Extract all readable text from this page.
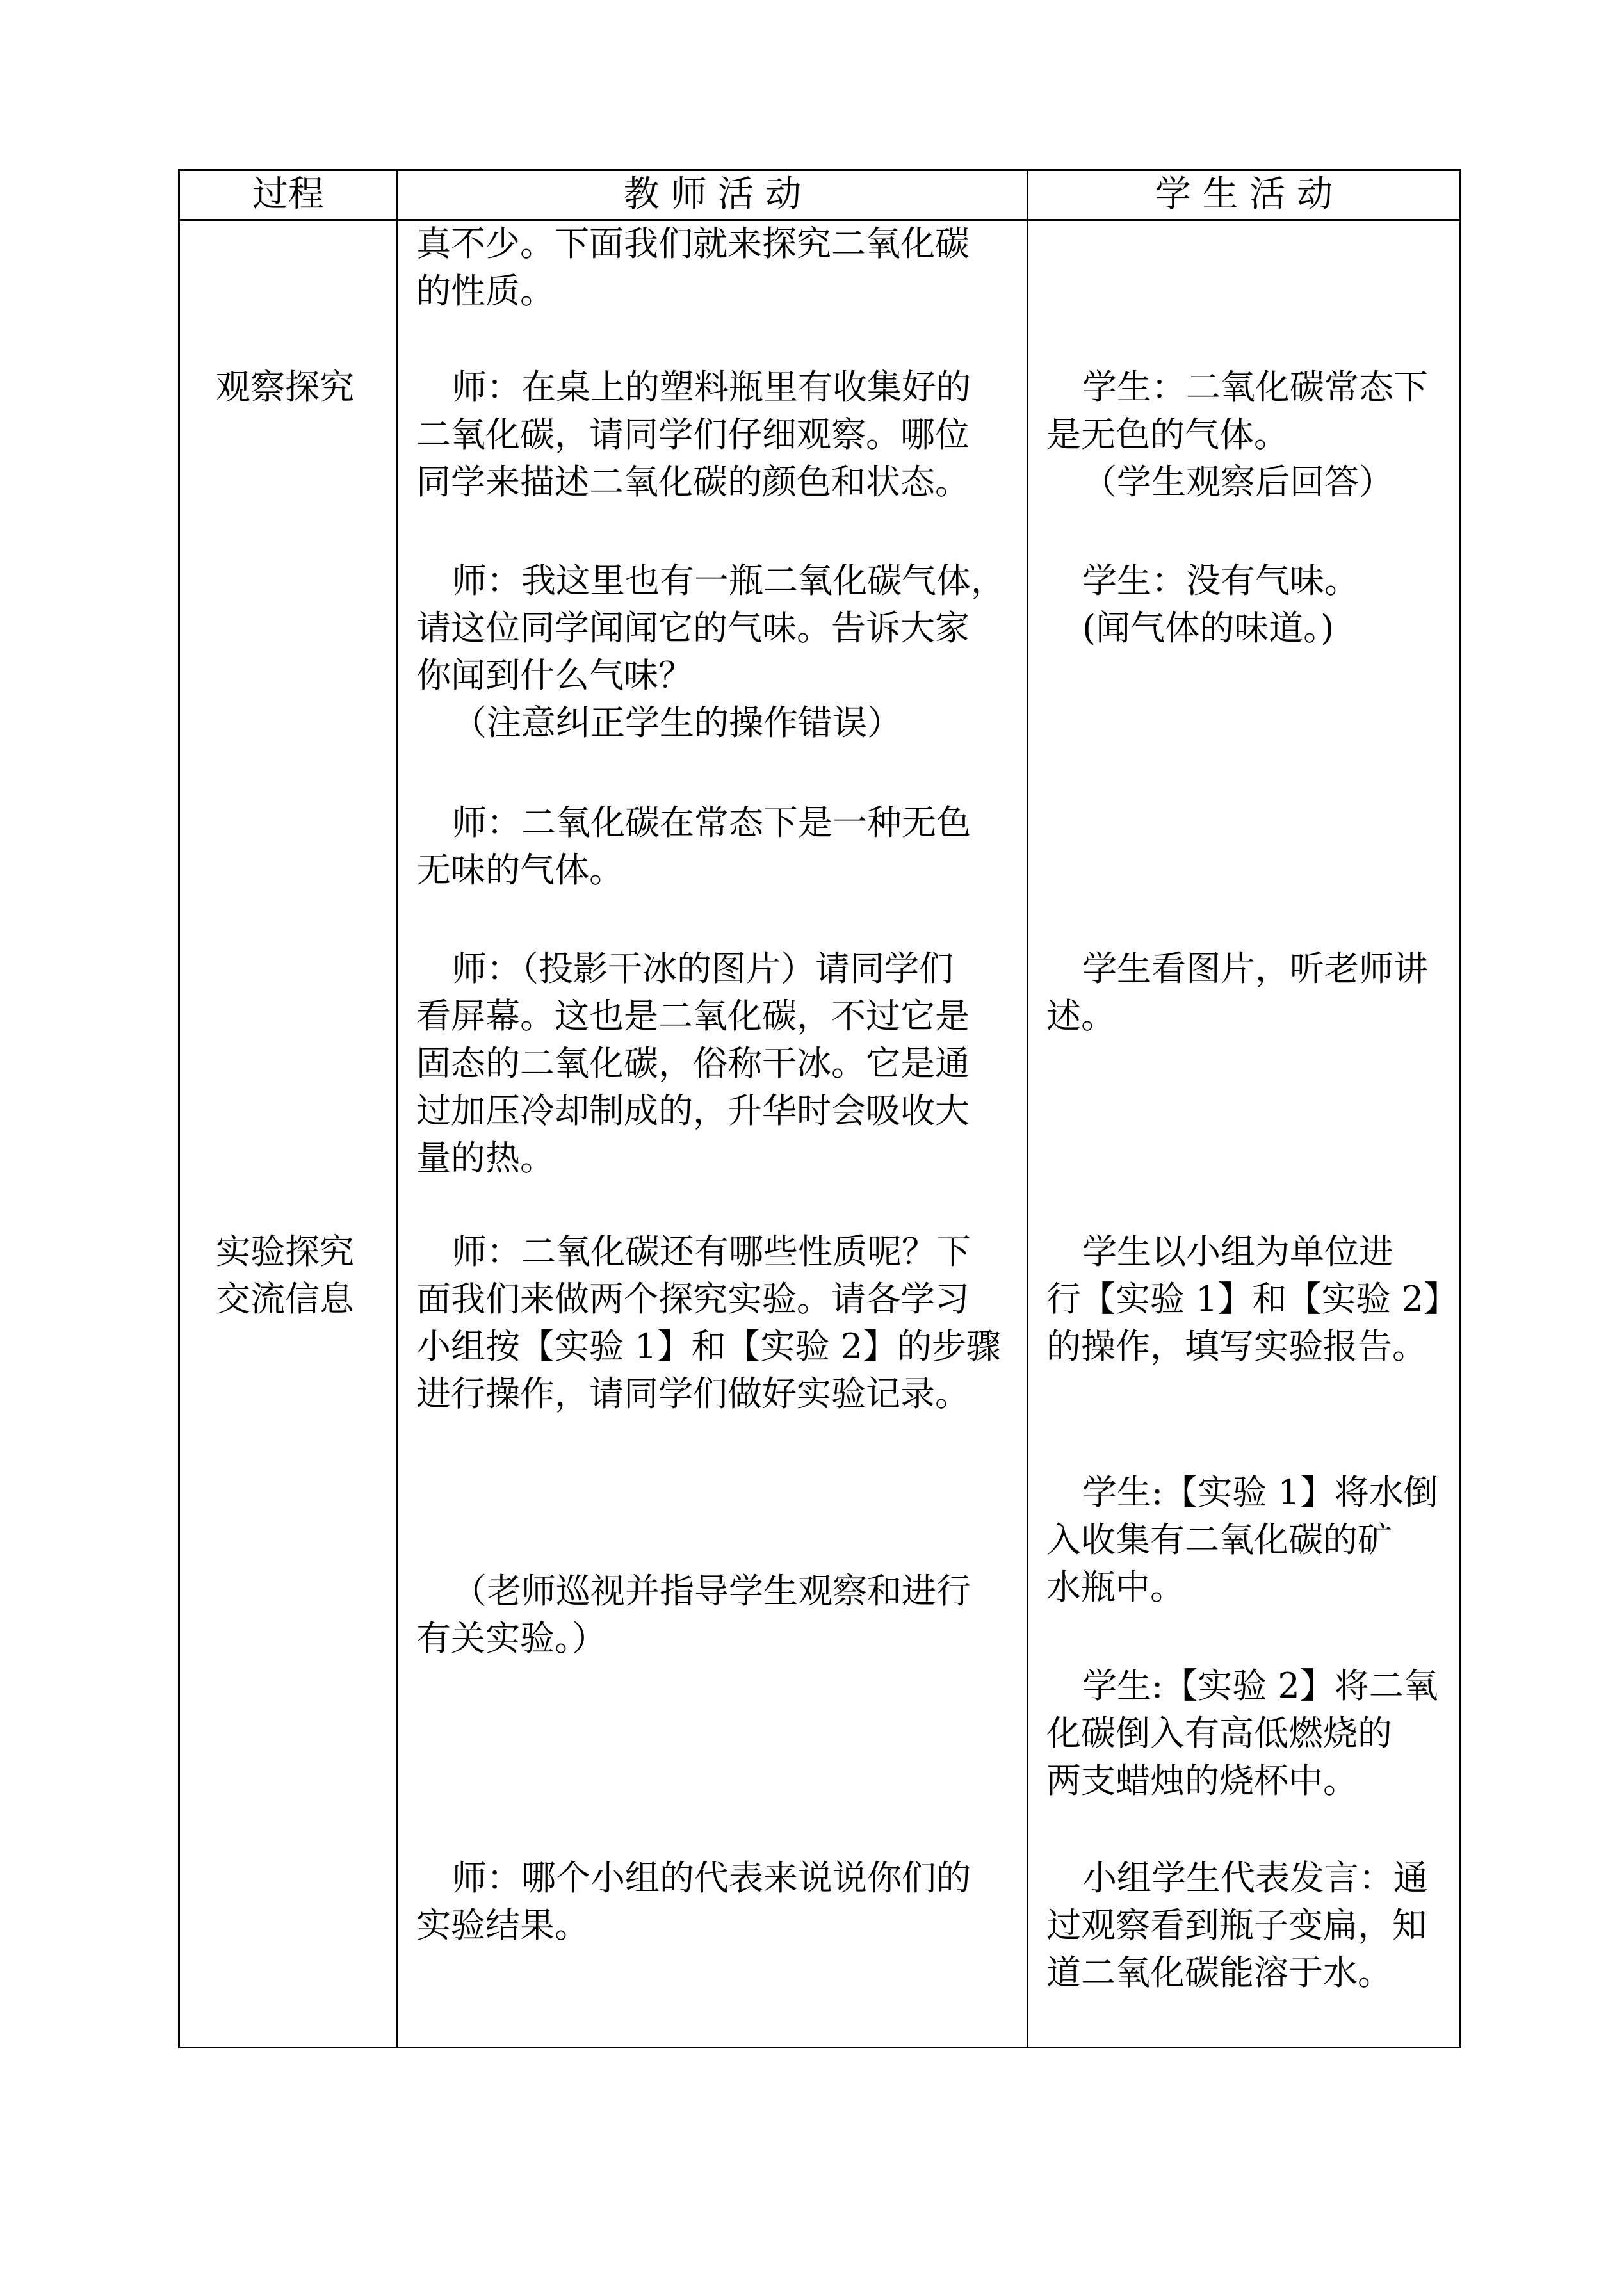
过程	教 师 活 动	学 生 活 动
观察探究
实验探究
交流信息
真不少。下面我们就来探究二氧化碳
的性质。
师：在桌上的塑料瓶里有收集好的
二氧化碳，请同学们仔细观察。哪位
同学来描述二氧化碳的颜色和状态。
师：我这里也有一瓶二氧化碳气体，
请这位同学闻闻它的气味。告诉大家
你闻到什么气味？
（注意纠正学生的操作错误）
师：二氧化碳在常态下是一种无色
无味的气体。
师：（投影干冰的图片）请同学们
看屏幕。这也是二氧化碳，不过它是
固态的二氧化碳，俗称干冰。它是通
过加压冷却制成的，升华时会吸收大
量的热。
师：二氧化碳还有哪些性质呢？下
面我们来做两个探究实验。请各学习
小组按【实验 1】和【实验 2】的步骤
进行操作，请同学们做好实验记录。
（老师巡视并指导学生观察和进行
有关实验。）
师：哪个小组的代表来说说你们的
实验结果。
学生：二氧化碳常态下
是无色的气体。
（学生观察后回答）
学生：没有气味。
(闻气体的味道。)
学生看图片，听老师讲
述。
学生以小组为单位进
行【实验 1】和【实验 2】
的操作，填写实验报告。
学生:【实验 1】将水倒
入收集有二氧化碳的矿
水瓶中。
学生:【实验 2】将二氧
化碳倒入有高低燃烧的
两支蜡烛的烧杯中。
小组学生代表发言：通
过观察看到瓶子变扁，知
道二氧化碳能溶于水。
